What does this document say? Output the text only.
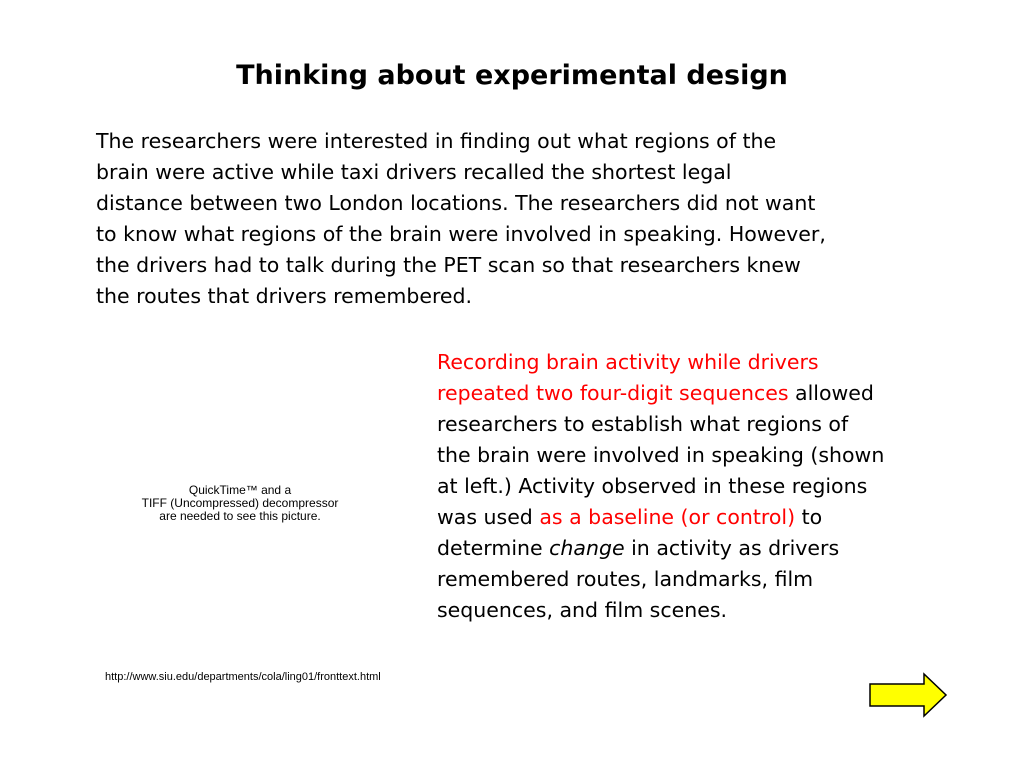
Thinking about experimental design
The researchers were interested in finding out what regions of the
brain were active while taxi drivers recalled the shortest legal
distance between two London locations. The researchers did not want
to know what regions of the brain were involved in speaking. However,
the drivers had to talk during the PET scan so that researchers knew
the routes that drivers remembered.
QuickTime™ and a
TIFF (Uncompressed) decompressor
are needed to see this picture.
Recording brain activity while drivers
repeated two four-digit sequences allowed
researchers to establish what regions of
the brain were involved in speaking (shown
at left.) Activity observed in these regions
was used as a baseline (or control) to
determine change in activity as drivers
remembered routes, landmarks, film
sequences, and film scenes.
http://www.siu.edu/departments/cola/ling01/fronttext.html
